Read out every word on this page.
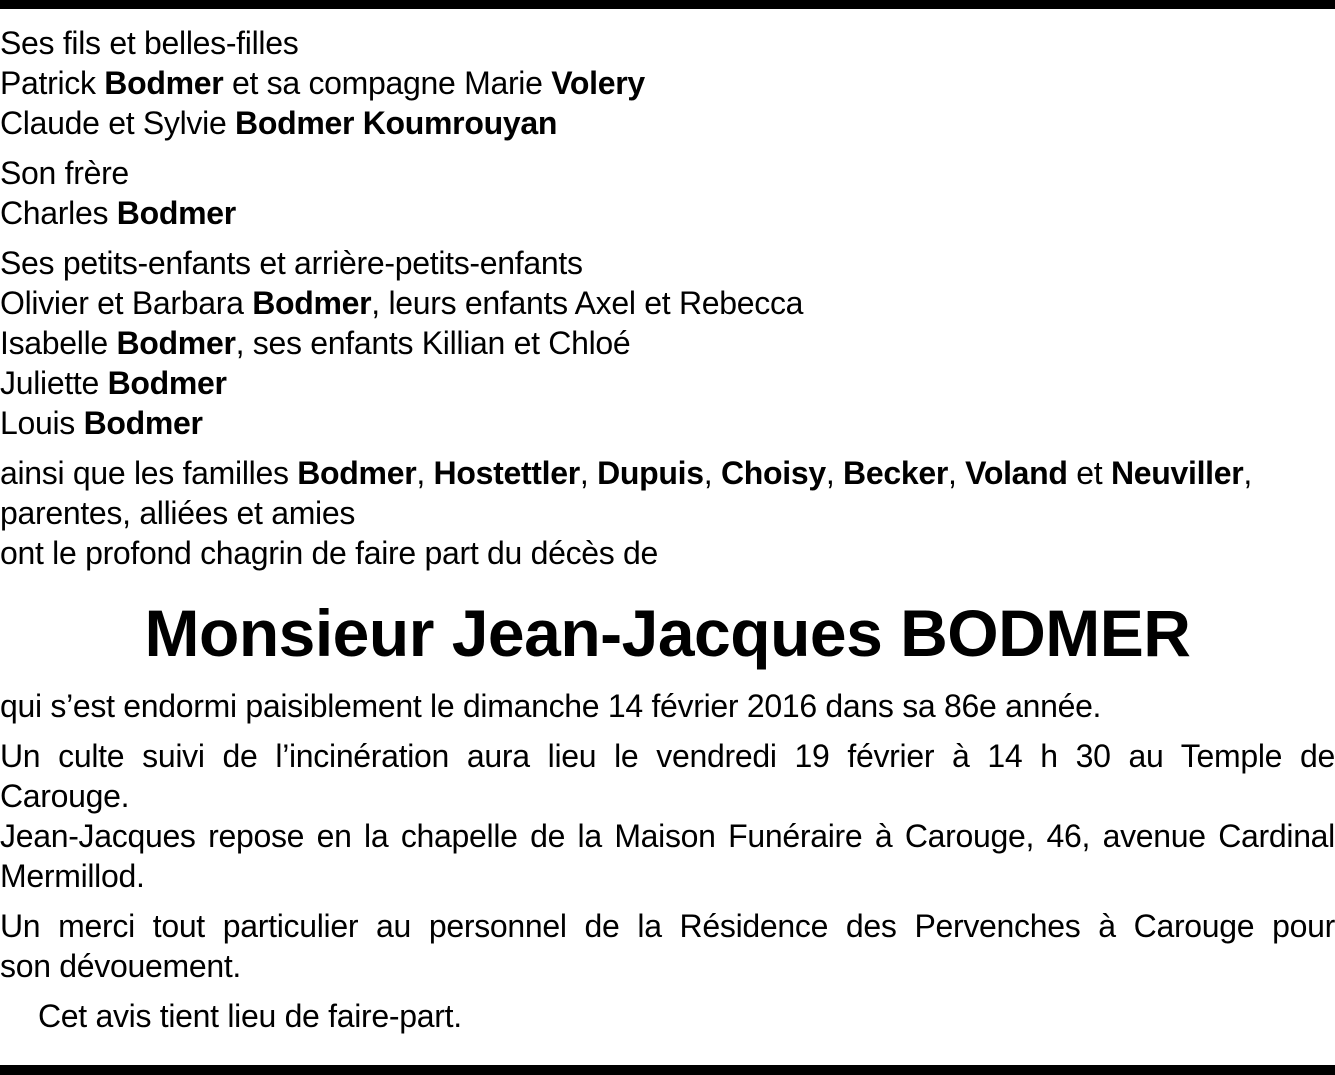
Ses fils et belles-filles
Patrick Bodmer et sa compagne Marie Volery
Claude et Sylvie Bodmer Koumrouyan
Son frère
Charles Bodmer
Ses petits-enfants et arrière-petits-enfants
Olivier et Barbara Bodmer, leurs enfants Axel et Rebecca
Isabelle Bodmer, ses enfants Killian et Chloé
Juliette Bodmer
Louis Bodmer
ainsi que les familles Bodmer, Hostettler, Dupuis, Choisy, Becker, Voland et Neuviller,
parentes, alliées et amies
ont le profond chagrin de faire part du décès de
Monsieur Jean-Jacques BODMER
qui s’est endormi paisiblement le dimanche 14 février 2016 dans sa 86e année.
Un culte suivi de l’incinération aura lieu le vendredi 19 février à 14 h 30 au Temple de
Carouge.
Jean-Jacques repose en la chapelle de la Maison Funéraire à Carouge, 46, avenue Cardinal
Mermillod.
Un merci tout particulier au personnel de la Résidence des Pervenches à Carouge pour
son dévouement.
Cet avis tient lieu de faire-part.
